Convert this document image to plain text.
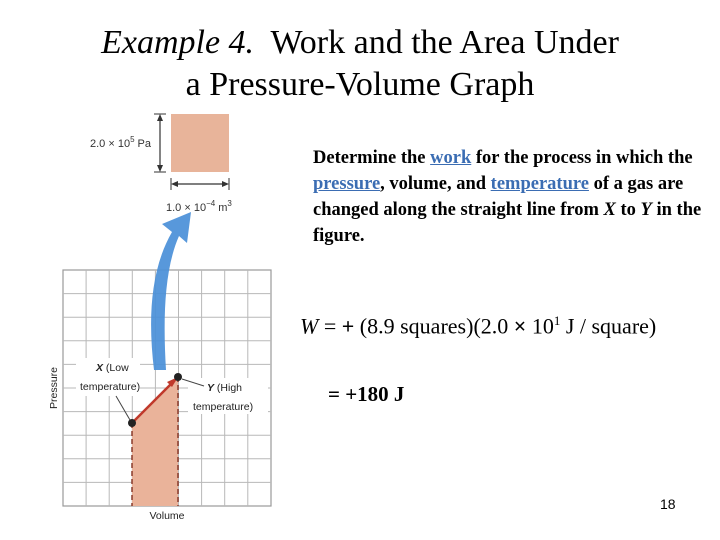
Example 4. Work and the Area Under
a Pressure-Volume Graph
$2.0 \times 10^5$ Pa
$1.0 \times 10^{-4}$ $m^3$
X (Low
temperature)	Y (High
temperature)
Pressure
Volume
Determine the work for the process in which the pressure, volume, and temperature of a gas are changed along the straight line from X to Y in the figure.
W = + (8.9 squares)(2.0 × $10^1$ J / square)
= +180 J
18
